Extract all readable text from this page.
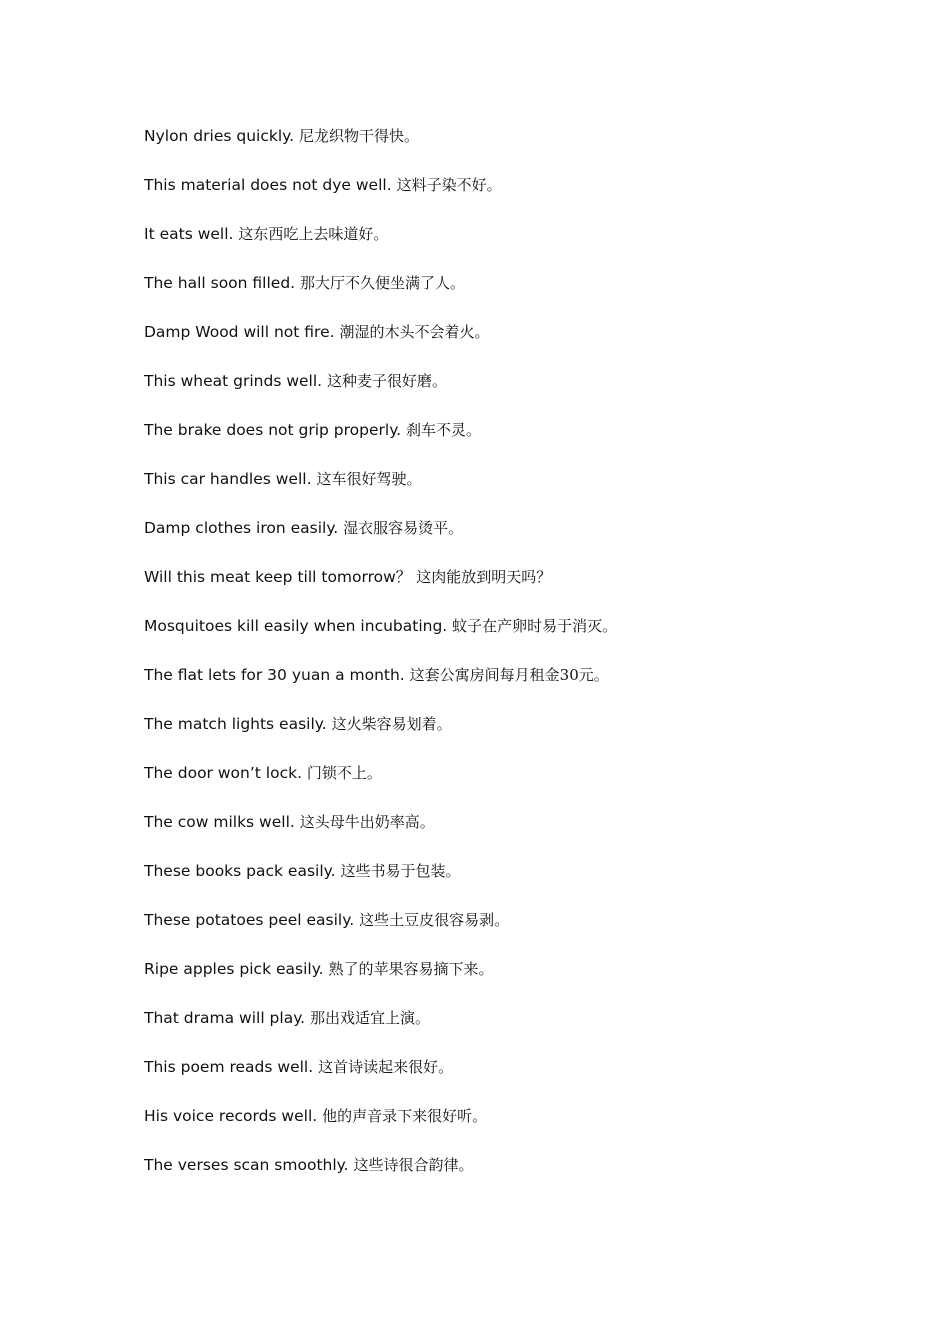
Nylon dries quickly. 尼龙织物干得快。
This material does not dye well. 这料子染不好。
It eats well. 这东西吃上去味道好。
The hall soon filled. 那大厅不久便坐满了人。
Damp Wood will not fire. 潮湿的木头不会着火。
This wheat grinds well. 这种麦子很好磨。
The brake does not grip properly. 刹车不灵。
This car handles well. 这车很好驾驶。
Damp clothes iron easily. 湿衣服容易烫平。
Will this meat keep till tomorrow？ 这肉能放到明天吗？
Mosquitoes kill easily when incubating. 蚊子在产卵时易于消灭。
The flat lets for 30 yuan a month. 这套公寓房间每月租金30元。
The match lights easily. 这火柴容易划着。
The door won’t lock. 门锁不上。
The cow milks well. 这头母牛出奶率高。
These books pack easily. 这些书易于包装。
These potatoes peel easily. 这些土豆皮很容易剥。
Ripe apples pick easily. 熟了的苹果容易摘下来。
That drama will play. 那出戏适宜上演。
This poem reads well. 这首诗读起来很好。
His voice records well. 他的声音录下来很好听。
The verses scan smoothly. 这些诗很合韵律。
